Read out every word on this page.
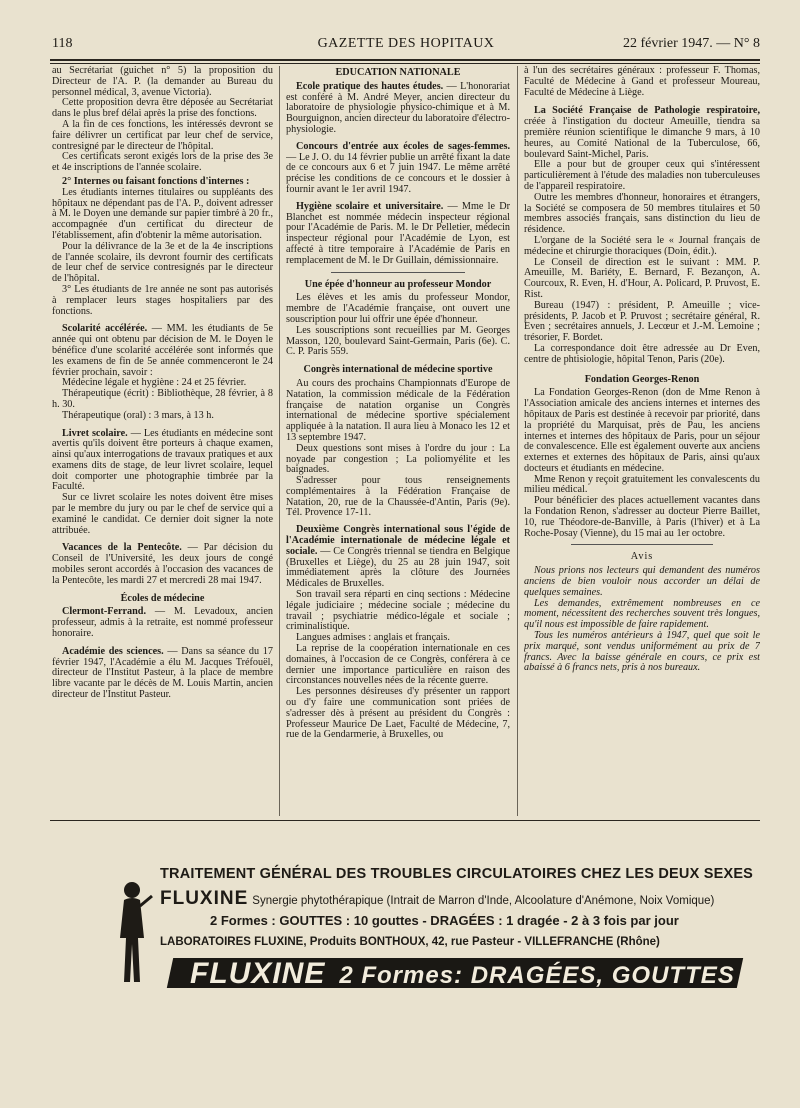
118	GAZETTE DES HOPITAUX	22 février 1947. — N° 8

au Secrétariat (guichet n° 5) la proposition du Directeur de l'A. P. (la demander au Bureau du personnel médical, 3, avenue Victoria).

Cette proposition devra être déposée au Secrétariat dans le plus bref délai après la prise des fonctions.

A la fin de ces fonctions, les intéressés devront se faire délivrer un certificat par leur chef de service, contresigné par le directeur de l'hôpital.

Ces certificats seront exigés lors de la prise des 3e et 4e inscriptions de l'année scolaire.

2° Internes ou faisant fonctions d'internes :

Les étudiants internes titulaires ou suppléants des hôpitaux ne dépendant pas de l'A. P., doivent adresser à M. le Doyen une demande sur papier timbré à 20 fr., accompagnée d'un certificat du directeur de l'établissement, afin d'obtenir la même autorisation.

Pour la délivrance de la 3e et de la 4e inscriptions de l'année scolaire, ils devront fournir des certificats de leur chef de service contresignés par le directeur de l'hôpital.

3° Les étudiants de 1re année ne sont pas autorisés à remplacer leurs stages hospitaliers par des fonctions.

Scolarité accélérée. — MM. les étudiants de 5e année qui ont obtenu par décision de M. le Doyen le bénéfice d'une scolarité accélérée sont informés que les examens de fin de 5e année commenceront le 24 février prochain, savoir :

Médecine légale et hygiène : 24 et 25 février.

Thérapeutique (écrit) : Bibliothèque, 28 février, à 8 h. 30.

Thérapeutique (oral) : 3 mars, à 13 h.

Livret scolaire. — Les étudiants en médecine sont avertis qu'ils doivent être porteurs à chaque examen, ainsi qu'aux interrogations de travaux pratiques et aux examens dits de stage, de leur livret scolaire, lequel doit comporter une photographie timbrée par la Faculté.

Sur ce livret scolaire les notes doivent être mises par le membre du jury ou par le chef de service qui a examiné le candidat. Ce dernier doit signer la note attribuée.

Vacances de la Pentecôte. — Par décision du Conseil de l'Université, les deux jours de congé mobiles seront accordés à l'occasion des vacances de la Pentecôte, les mardi 27 et mercredi 28 mai 1947.

Écoles de médecine

Clermont-Ferrand. — M. Levadoux, ancien professeur, admis à la retraite, est nommé professeur honoraire.

Académie des sciences. — Dans sa séance du 17 février 1947, l'Académie a élu M. Jacques Tréfouël, directeur de l'Institut Pasteur, à la place de membre libre vacante par le décès de M. Louis Martin, ancien directeur de l'Institut Pasteur.

EDUCATION NATIONALE

Ecole pratique des hautes études. — L'honorariat est conféré à M. André Meyer, ancien directeur du laboratoire de physiologie physico-chimique et à M. Bourguignon, ancien directeur du laboratoire d'électro-physiologie.

Concours d'entrée aux écoles de sages-femmes. — Le J. O. du 14 février publie un arrêté fixant la date de ce concours aux 6 et 7 juin 1947. Le même arrêté précise les conditions de ce concours et le dossier à fournir avant le 1er avril 1947.

Hygiène scolaire et universitaire. — Mme le Dr Blanchet est nommée médecin inspecteur régional pour l'Académie de Paris. M. le Dr Pelletier, médecin inspecteur régional pour l'Académie de Lyon, est affecté à titre temporaire à l'Académie de Paris en remplacement de M. le Dr Guillain, démissionnaire.

Une épée d'honneur au professeur Mondor

Les élèves et les amis du professeur Mondor, membre de l'Académie française, ont ouvert une souscription pour lui offrir une épée d'honneur.

Les souscriptions sont recueillies par M. Georges Masson, 120, boulevard Saint-Germain, Paris (6e). C. C. P. Paris 559.

Congrès international de médecine sportive

Au cours des prochains Championnats d'Europe de Natation, la commission médicale de la Fédération française de natation organise un Congrès international de médecine sportive spécialement appliquée à la natation. Il aura lieu à Monaco les 12 et 13 septembre 1947.

Deux questions sont mises à l'ordre du jour : La noyade par congestion ; La poliomyélite et les baignades.

S'adresser pour tous renseignements complémentaires à la Fédération Française de Natation, 20, rue de la Chaussée-d'Antin, Paris (9e). Tél. Provence 17-11.

Deuxième Congrès international sous l'égide de l'Académie internationale de médecine légale et sociale. — Ce Congrès triennal se tiendra en Belgique (Bruxelles et Liège), du 25 au 28 juin 1947, soit immédiatement après la clôture des Journées Médicales de Bruxelles.

Son travail sera réparti en cinq sections : Médecine légale judiciaire ; médecine sociale ; médecine du travail ; psychiatrie médico-légale et sociale ; criminalistique.

Langues admises : anglais et français.

La reprise de la coopération internationale en ces domaines, à l'occasion de ce Congrès, conférera à ce dernier une importance particulière en raison des circonstances nouvelles nées de la récente guerre.

Les personnes désireuses d'y présenter un rapport ou d'y faire une communication sont priées de s'adresser dès à présent au président du Congrès : Professeur Maurice De Laet, Faculté de Médecine, 7, rue de la Gendarmerie, à Bruxelles, ou

à l'un des secrétaires généraux : professeur F. Thomas, Faculté de Médecine à Gand et professeur Moureau, Faculté de Médecine à Liège.

La Société Française de Pathologie respiratoire, créée à l'instigation du docteur Ameuille, tiendra sa première réunion scientifique le dimanche 9 mars, à 10 heures, au Comité National de la Tuberculose, 66, boulevard Saint-Michel, Paris.

Elle a pour but de grouper ceux qui s'intéressent particulièrement à l'étude des maladies non tuberculeuses de l'appareil respiratoire.

Outre les membres d'honneur, honoraires et étrangers, la Société se composera de 50 membres titulaires et 50 membres associés français, sans distinction du lieu de résidence.

L'organe de la Société sera le « Journal français de médecine et chirurgie thoraciques (Doin, édit.).

Le Conseil de direction est le suivant : MM. P. Ameuille, M. Bariéty, E. Bernard, F. Bezançon, A. Courcoux, R. Even, H. d'Hour, A. Policard, P. Pruvost, E. Rist.

Bureau (1947) : président, P. Ameuille ; vice-présidents, P. Jacob et P. Pruvost ; secrétaire général, R. Even ; secrétaires annuels, J. Lecœur et J.-M. Lemoine ; trésorier, F. Bordet.

La correspondance doit être adressée au Dr Even, centre de phtisiologie, hôpital Tenon, Paris (20e).

Fondation Georges-Renon

La Fondation Georges-Renon (don de Mme Renon à l'Association amicale des anciens internes et internes des hôpitaux de Paris est destinée à recevoir par priorité, dans la propriété du Marquisat, près de Pau, les anciens internes et internes des hôpitaux de Paris, pour un séjour de convalescence. Elle est également ouverte aux anciens externes et externes des hôpitaux de Paris, ainsi qu'aux docteurs et étudiants en médecine.

Mme Renon y reçoit gratuitement les convalescents du milieu médical.

Pour bénéficier des places actuellement vacantes dans la Fondation Renon, s'adresser au docteur Pierre Baillet, 10, rue Théodore-de-Banville, à Paris (l'hiver) et à La Roche-Posay (Vienne), du 15 mai au 1er octobre.

Avis

Nous prions nos lecteurs qui demandent des numéros anciens de bien vouloir nous accorder un délai de quelques semaines.

Les demandes, extrêmement nombreuses en ce moment, nécessitent des recherches souvent très longues, qu'il nous est impossible de faire rapidement.

Tous les numéros antérieurs à 1947, quel que soit le prix marqué, sont vendus uniformément au prix de 7 francs. Avec la baisse générale en cours, ce prix est abaissé à 6 francs nets, pris à nos bureaux.

TRAITEMENT GÉNÉRAL DES TROUBLES CIRCULATOIRES CHEZ LES DEUX SEXES
FLUXINE Synergie phytothérapique (Intrait de Marron d'Inde, Alcoolature d'Anémone, Noix Vomique)
2 Formes : GOUTTES : 10 gouttes - DRAGÉES : 1 dragée - 2 à 3 fois par jour
LABORATOIRES FLUXINE, Produits BONTHOUX, 42, rue Pasteur - VILLEFRANCHE (Rhône)
FLUXINE 2 Formes: DRAGÉES, GOUTTES
